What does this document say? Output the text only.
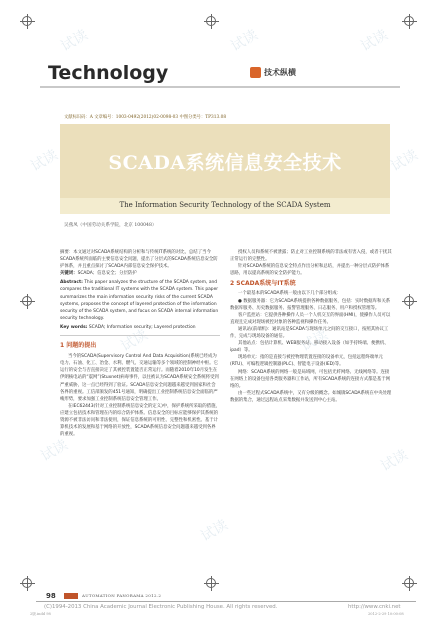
Technology	技术纵横
文献标识码：A 文章编号：1003-0492(2012)02-0098-03 中图分类号：TP313.08
SCADA系统信息安全技术
The Information Security Technology of the SCADA System
吴燕凤（中国劳动关系学院，北京 100048）
摘要：本文通过对SCADA系统结构的分析和与传统IT系统的对比，总结了当今SCADA系统所面临的主要信息安全问题，提出了分层式的SCADA系统信息安全防护体系，并且重点探讨了SCADA内部信息安全保护技术。
关键词：SCADA；信息安全；分层防护
Abstract: This paper analyzes the structure of the SCADA system, and compares the traditional IT systems with the SCADA system. This paper summarizes the main information security risks of the current SCADA systems, proposes the concept of layered protection of the information security of the SCADA system, and focus on SCADA internal information security technology.
Key words: SCADA; Information security; Layered protection
1 问题的提出

当今的SCADA(Supervisory Control And Data Acquisition)系统已经成为电力、石油、化工、冶金、水利、燃气、交通运输等多个领域的控制神经中枢。它运行的安全与否直接决定了其被控装置能否正常运行。而随着2010年10月发生在伊朗核电站的“震网”(Stuxnet)病毒事件，以往被认为SCADA系统安全系统将受到严重威胁，这一点已经得到了验证。SCADA信息安全问题越来越受到国家和社会各界的重视。工信部颁发的451号通知，明确提出工业控制系统信息安全面临的严峻形势，要求加强工业控制系统信息安全管理工作。

在IEC62443(针对工业控制系统信息安全的定义)中，保护系统所采取的措施，应建立包括技术和管理在内的综合防护体系。信息安全的目标应能够保护其系统的资源不被非法访问和非法使用，保证信息系统的可用性、完整性和机密性。基于计算机技术的发展和基于网络的开放性，SCADA系统信息安全问题越来越受到各界的重视。

授权人员和系统不被泄露；防止对工业控制系统的非法或有害入侵，或者干扰其正常运行的完整性。

针对SCADA系统的信息安全特点作出分析和总结，并提出一种分层式防护体系思路，用以提高系统的安全防护能力。

2 SCADA系统与IT系统

一个最基本的SCADA系统一般由以下几个部分组成：

● 数据服务器：它为SCADA系统提供各种数据服务，包括：实时数据库和关系数据库服务、历史数据服务、报警管理服务、日志服务、用户和授权管理等。

客户监控站：它提供各种操作人员一个人机交互的界面(HMI)，使操作人员可以直观且完成对现场被控对象的各种监视和操作任务。

通讯站(前端机)：通讯站是SCADA与现场单元之间的交互接口，按照其协议工作，完成与现场设备的通信。

其他站点：包括计算机、WEB服务站、移动接入设备（如手持终端、便携机、ipad）等。

现场单元：指的是直接与被控物理装置连接的设备单元，包括远程终端单元(RTU)、可编程逻辑控制器(PLC)、智能电子设备(IED)等。

网络：SCADA系统的网络一般是局域网，可包括光纤网络、无线网络等。连接在网络上的设备包括各类服务器和工作站，所有SCADA系统的连接方式都是基于网络的。

由一些过程式SCADA系统中，又有分级的概念。如城镇SCADA系统在中央处理数据的集合，通过远程站点采集数据并发送到中心主站。

试读	试读	试读
试读	试读
试读	试读
试读	试读
试读
98	AUTOMATION PANORAMA 2012.2
(C)1994-2013 China Academic Journal Electronic Publishing House. All rights reserved.	http://www.cnki.net
2版.indd 98	2012-2-29 10:00:08
